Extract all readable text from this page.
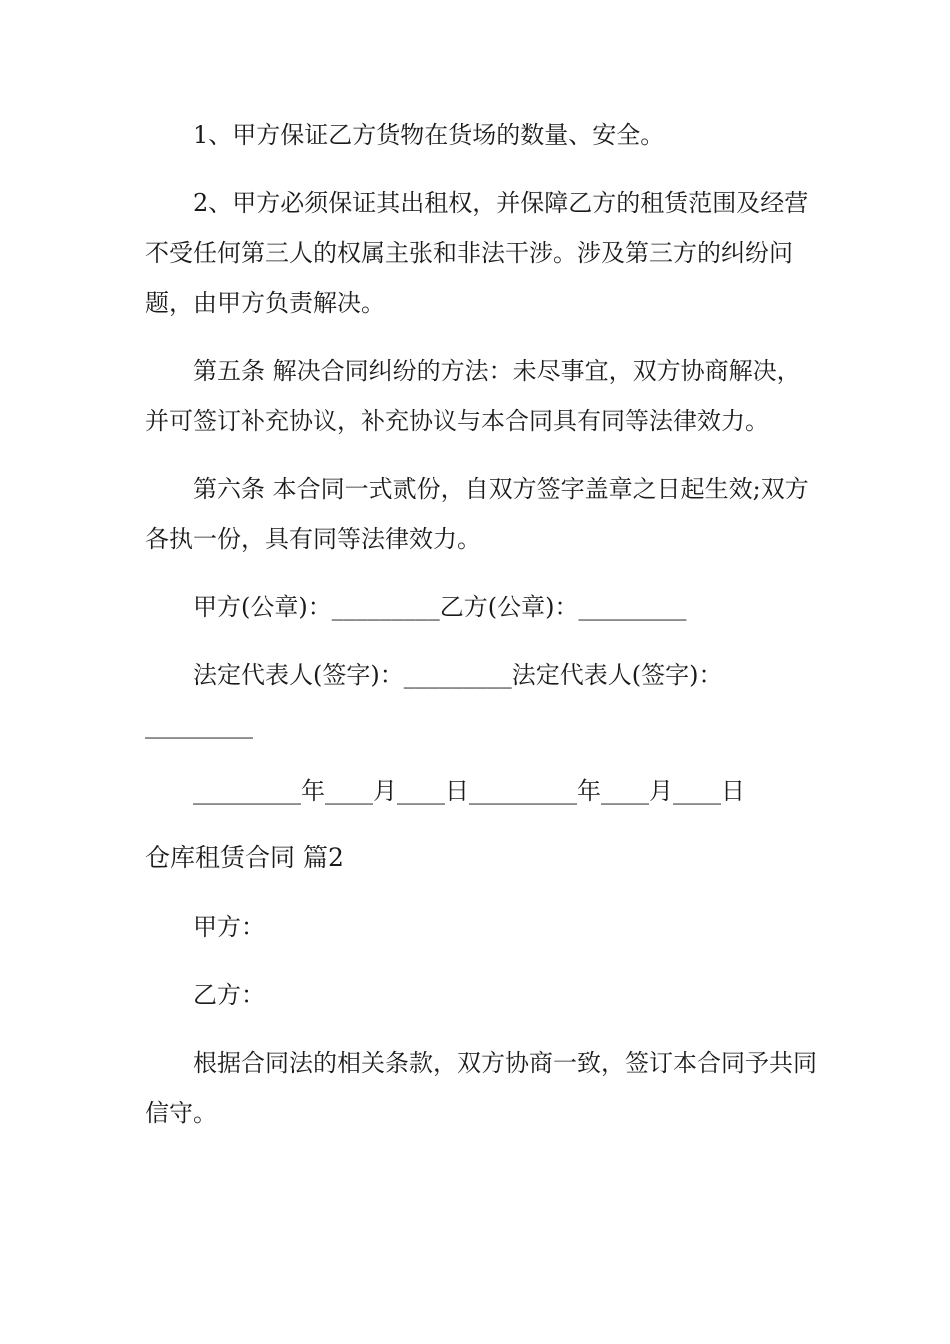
1、甲方保证乙方货物在货场的数量、安全。
2、甲方必须保证其出租权，并保障乙方的租赁范围及经营
不受任何第三人的权属主张和非法干涉。涉及第三方的纠纷问
题，由甲方负责解决。
第五条 解决合同纠纷的方法：未尽事宜，双方协商解决，
并可签订补充协议，补充协议与本合同具有同等法律效力。
第六条 本合同一式贰份，自双方签字盖章之日起生效;双方
各执一份，具有同等法律效力。
甲方(公章)：_________乙方(公章)：_________
法定代表人(签字)：_________法定代表人(签字)：
_________
_________年____月____日_________年____月____日
仓库租赁合同 篇2
甲方：
乙方：
根据合同法的相关条款，双方协商一致，签订本合同予共同
信守。
